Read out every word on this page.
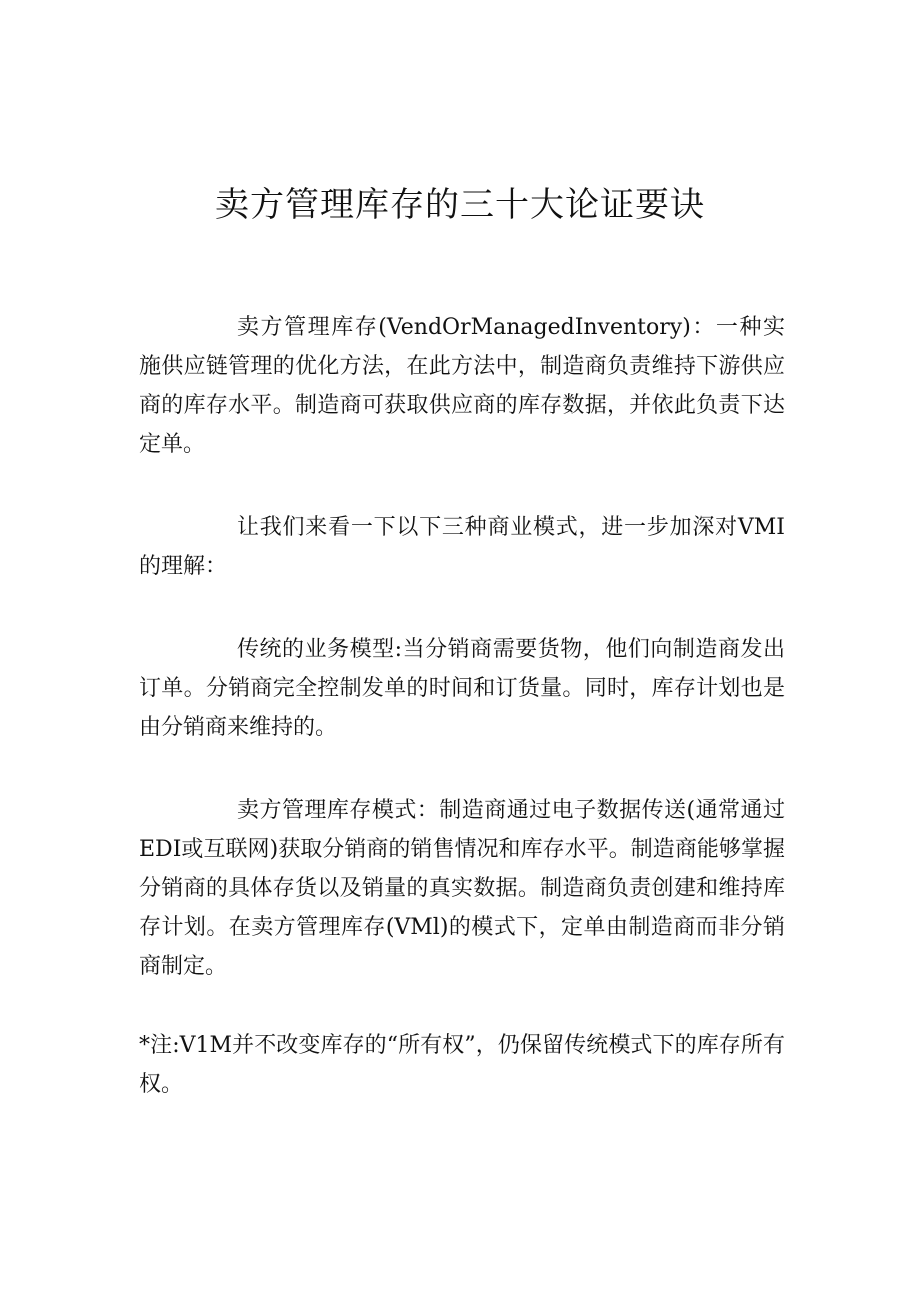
卖方管理库存的三十大论证要诀

卖方管理库存(VendOrManagedInventory)：一种实施供应链管理的优化方法，在此方法中，制造商负责维持下游供应商的库存水平。制造商可获取供应商的库存数据，并依此负责下达定单。

让我们来看一下以下三种商业模式，进一步加深对VMI的理解：

传统的业务模型:当分销商需要货物，他们向制造商发出订单。分销商完全控制发单的时间和订货量。同时，库存计划也是由分销商来维持的。

卖方管理库存模式：制造商通过电子数据传送(通常通过EDI或互联网)获取分销商的销售情况和库存水平。制造商能够掌握分销商的具体存货以及销量的真实数据。制造商负责创建和维持库存计划。在卖方管理库存(VMl)的模式下，定单由制造商而非分销商制定。

*注:V1M并不改变库存的“所有权”，仍保留传统模式下的库存所有权。
